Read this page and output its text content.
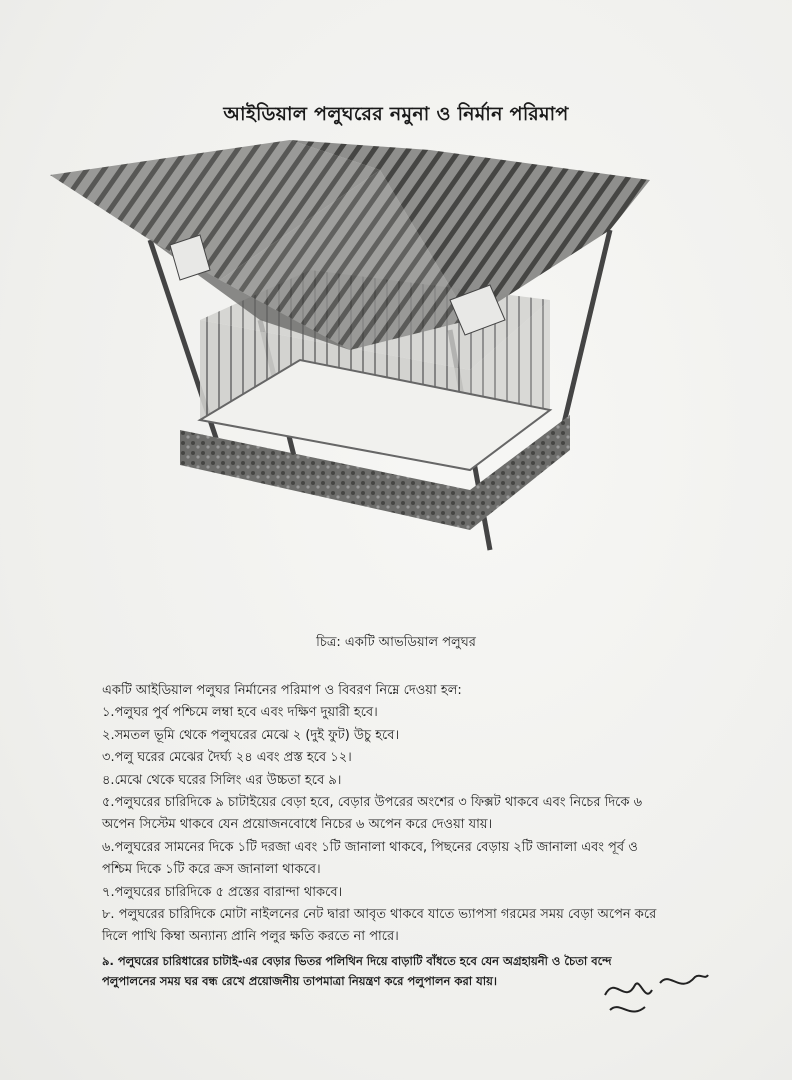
আইডিয়াল পলুঘরের নমুনা ও নির্মান পরিমাপ
চিত্র: একটি আভডিয়াল পলুঘর

একটি আইডিয়াল পলুঘর নির্মানের পরিমাপ ও বিবরণ নিম্নে দেওয়া হল:

১.পলুঘর পুর্ব পশ্চিমে লম্বা হবে এবং দক্ষিণ দুয়ারী হবে।

২.সমতল ভূমি থেকে পলুঘরের মেঝে ২ (দুই ফুট) উচু হবে।

৩.পলু ঘরের মেঝের দৈর্ঘ্য ২৪ এবং প্রস্ত হবে ১২।

৪.মেঝে থেকে ঘরের সিলিং এর উচ্চতা হবে ৯।

৫.পলুঘরের চারিদিকে ৯ চাটাইয়ের বেড়া হবে, বেড়ার উপরের অংশের ৩ ফিক্সট থাকবে এবং নিচের দিকে ৬ অপেন সিস্টেম থাকবে যেন প্রয়োজনবোধে নিচের ৬ অপেন করে দেওয়া যায়।

৬.পলুঘরের সামনের দিকে ১টি দরজা এবং ১টি জানালা থাকবে, পিছনের বেড়ায় ২টি জানালা এবং পূর্ব ও পশ্চিম দিকে ১টি করে ক্রস জানালা থাকবে।

৭.পলুঘরের চারিদিকে ৫ প্রস্তের বারান্দা থাকবে।

৮. পলুঘরের চারিদিকে মোটা নাইলনের নেট দ্বারা আবৃত থাকবে যাতে ভ্যাপসা গরমের সময় বেড়া অপেন করে দিলে পাখি কিম্বা অন্যান্য প্রানি পলুর ক্ষতি করতে না পারে।

৯. পলুঘরের চারিধারের চাটাই-এর বেড়ার ভিতর পলিথিন দিয়ে বাড়াটি বাঁধতে হবে যেন অগ্রহায়নী ও চৈতা বন্দে পলুপালনের সময় ঘর বন্ধ রেখে প্রয়োজনীয় তাপমাত্রা নিয়ন্ত্রণ করে পলুপালন করা যায়।
